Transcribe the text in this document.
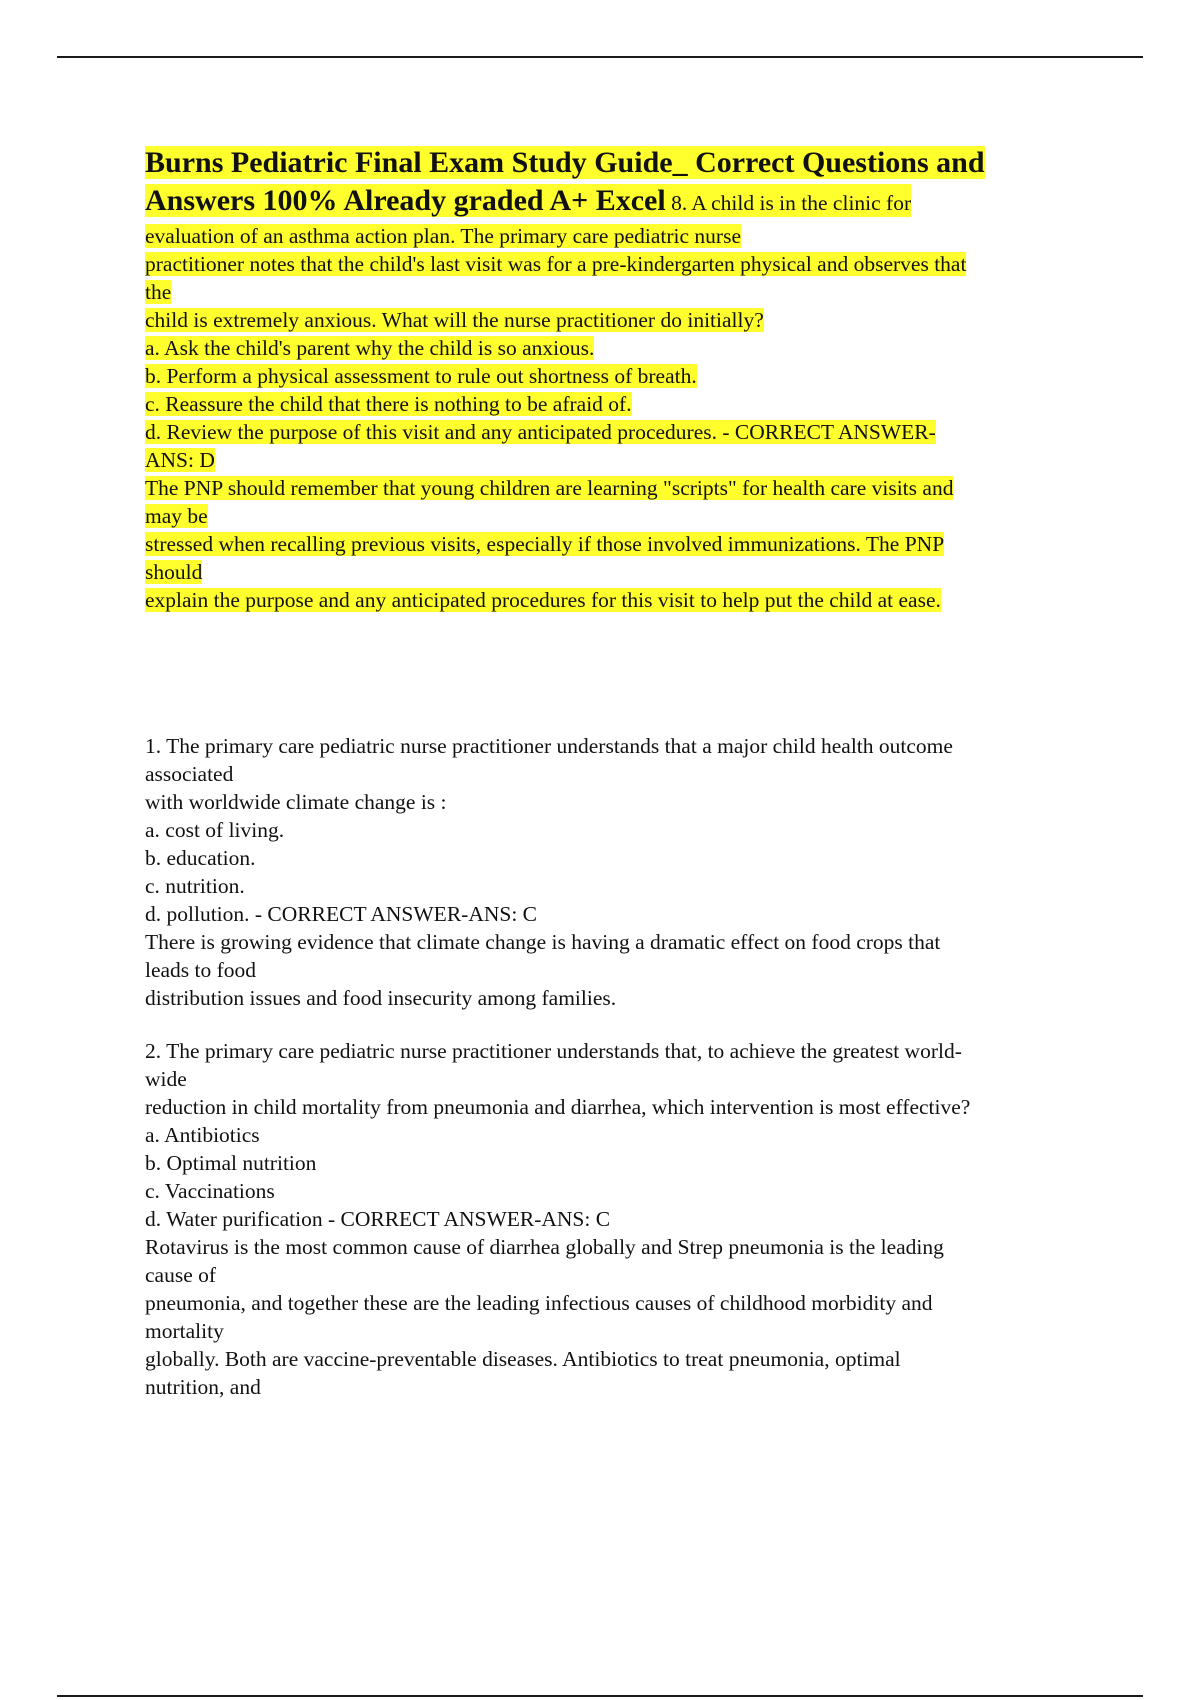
Burns Pediatric Final Exam Study Guide_ Correct Questions and
Answers 100% Already graded A+ Excel 8. A child is in the clinic for
evaluation of an asthma action plan. The primary care pediatric nurse
practitioner notes that the child's last visit was for a pre-kindergarten physical and observes that
the
child is extremely anxious. What will the nurse practitioner do initially?
a. Ask the child's parent why the child is so anxious.
b. Perform a physical assessment to rule out shortness of breath.
c. Reassure the child that there is nothing to be afraid of.
d. Review the purpose of this visit and any anticipated procedures. - CORRECT ANSWER-
ANS: D
The PNP should remember that young children are learning "scripts" for health care visits and
may be
stressed when recalling previous visits, especially if those involved immunizations. The PNP
should
explain the purpose and any anticipated procedures for this visit to help put the child at ease.
1. The primary care pediatric nurse practitioner understands that a major child health outcome
associated
with worldwide climate change is :
a. cost of living.
b. education.
c. nutrition.
d. pollution. - CORRECT ANSWER-ANS: C
There is growing evidence that climate change is having a dramatic effect on food crops that
leads to food
distribution issues and food insecurity among families.
2. The primary care pediatric nurse practitioner understands that, to achieve the greatest world-
wide
reduction in child mortality from pneumonia and diarrhea, which intervention is most effective?
a. Antibiotics
b. Optimal nutrition
c. Vaccinations
d. Water purification - CORRECT ANSWER-ANS: C
Rotavirus is the most common cause of diarrhea globally and Strep pneumonia is the leading
cause of
pneumonia, and together these are the leading infectious causes of childhood morbidity and
mortality
globally. Both are vaccine-preventable diseases. Antibiotics to treat pneumonia, optimal
nutrition, and
